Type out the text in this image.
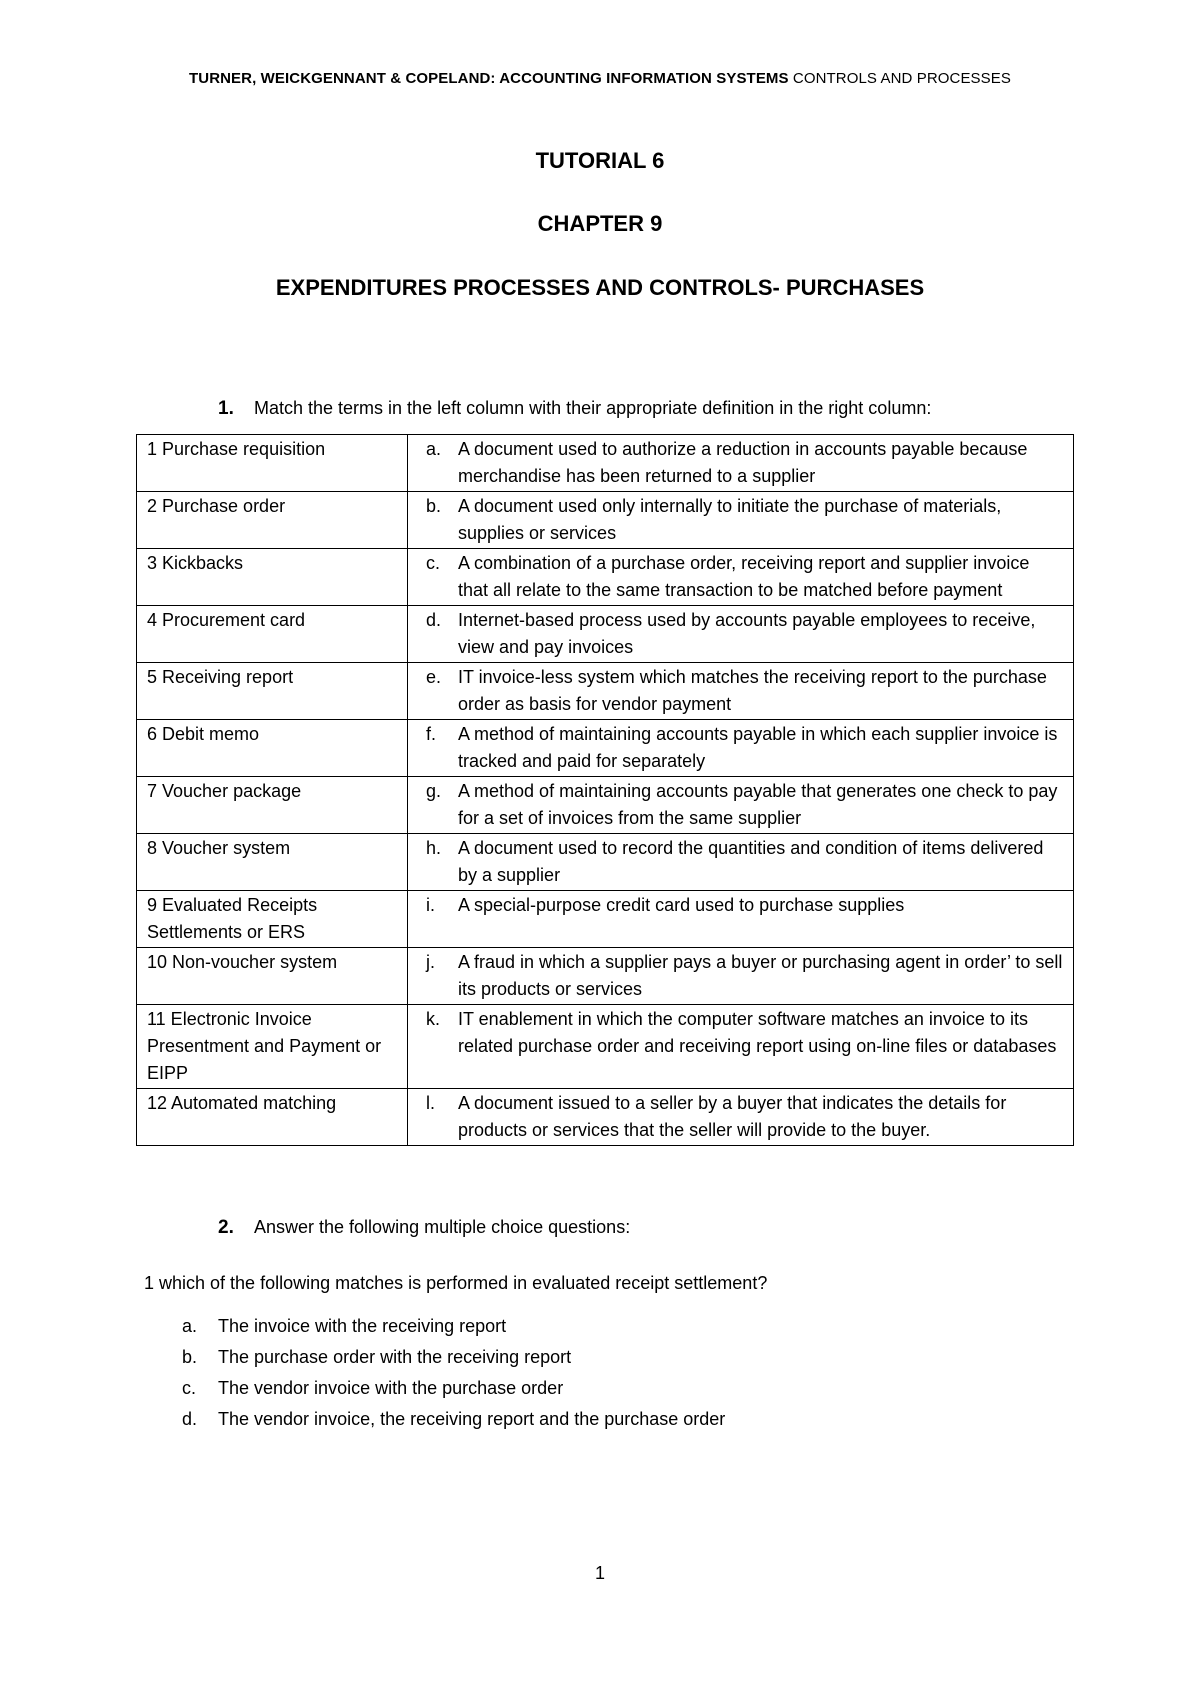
TURNER, WEICKGENNANT & COPELAND: ACCOUNTING INFORMATION SYSTEMS CONTROLS AND PROCESSES
TUTORIAL 6
CHAPTER 9
EXPENDITURES PROCESSES AND CONTROLS- PURCHASES
1. Match the terms in the left column with their appropriate definition in the right column:
1 Purchase requisition	a. A document used to authorize a reduction in accounts payable because merchandise has been returned to a supplier
2 Purchase order	b. A document used only internally to initiate the purchase of materials, supplies or services
3 Kickbacks	c. A combination of a purchase order, receiving report and supplier invoice that all relate to the same transaction to be matched before payment
4 Procurement card	d. Internet-based process used by accounts payable employees to receive, view and pay invoices
5 Receiving report	e. IT invoice-less system which matches the receiving report to the purchase order as basis for vendor payment
6 Debit memo	f. A method of maintaining accounts payable in which each supplier invoice is tracked and paid for separately
7 Voucher package	g. A method of maintaining accounts payable that generates one check to pay for a set of invoices from the same supplier
8 Voucher system	h. A document used to record the quantities and condition of items delivered by a supplier
9 Evaluated Receipts Settlements or ERS	i. A special-purpose credit card used to purchase supplies
10 Non-voucher system	j. A fraud in which a supplier pays a buyer or purchasing agent in order’ to sell its products or services
11 Electronic Invoice Presentment and Payment or EIPP	k. IT enablement in which the computer software matches an invoice to its related purchase order and receiving report using on-line files or databases
12 Automated matching	l. A document issued to a seller by a buyer that indicates the details for products or services that the seller will provide to the buyer.
2. Answer the following multiple choice questions:
1 which of the following matches is performed in evaluated receipt settlement?
a. The invoice with the receiving report
b. The purchase order with the receiving report
c. The vendor invoice with the purchase order
d. The vendor invoice, the receiving report and the purchase order
1
